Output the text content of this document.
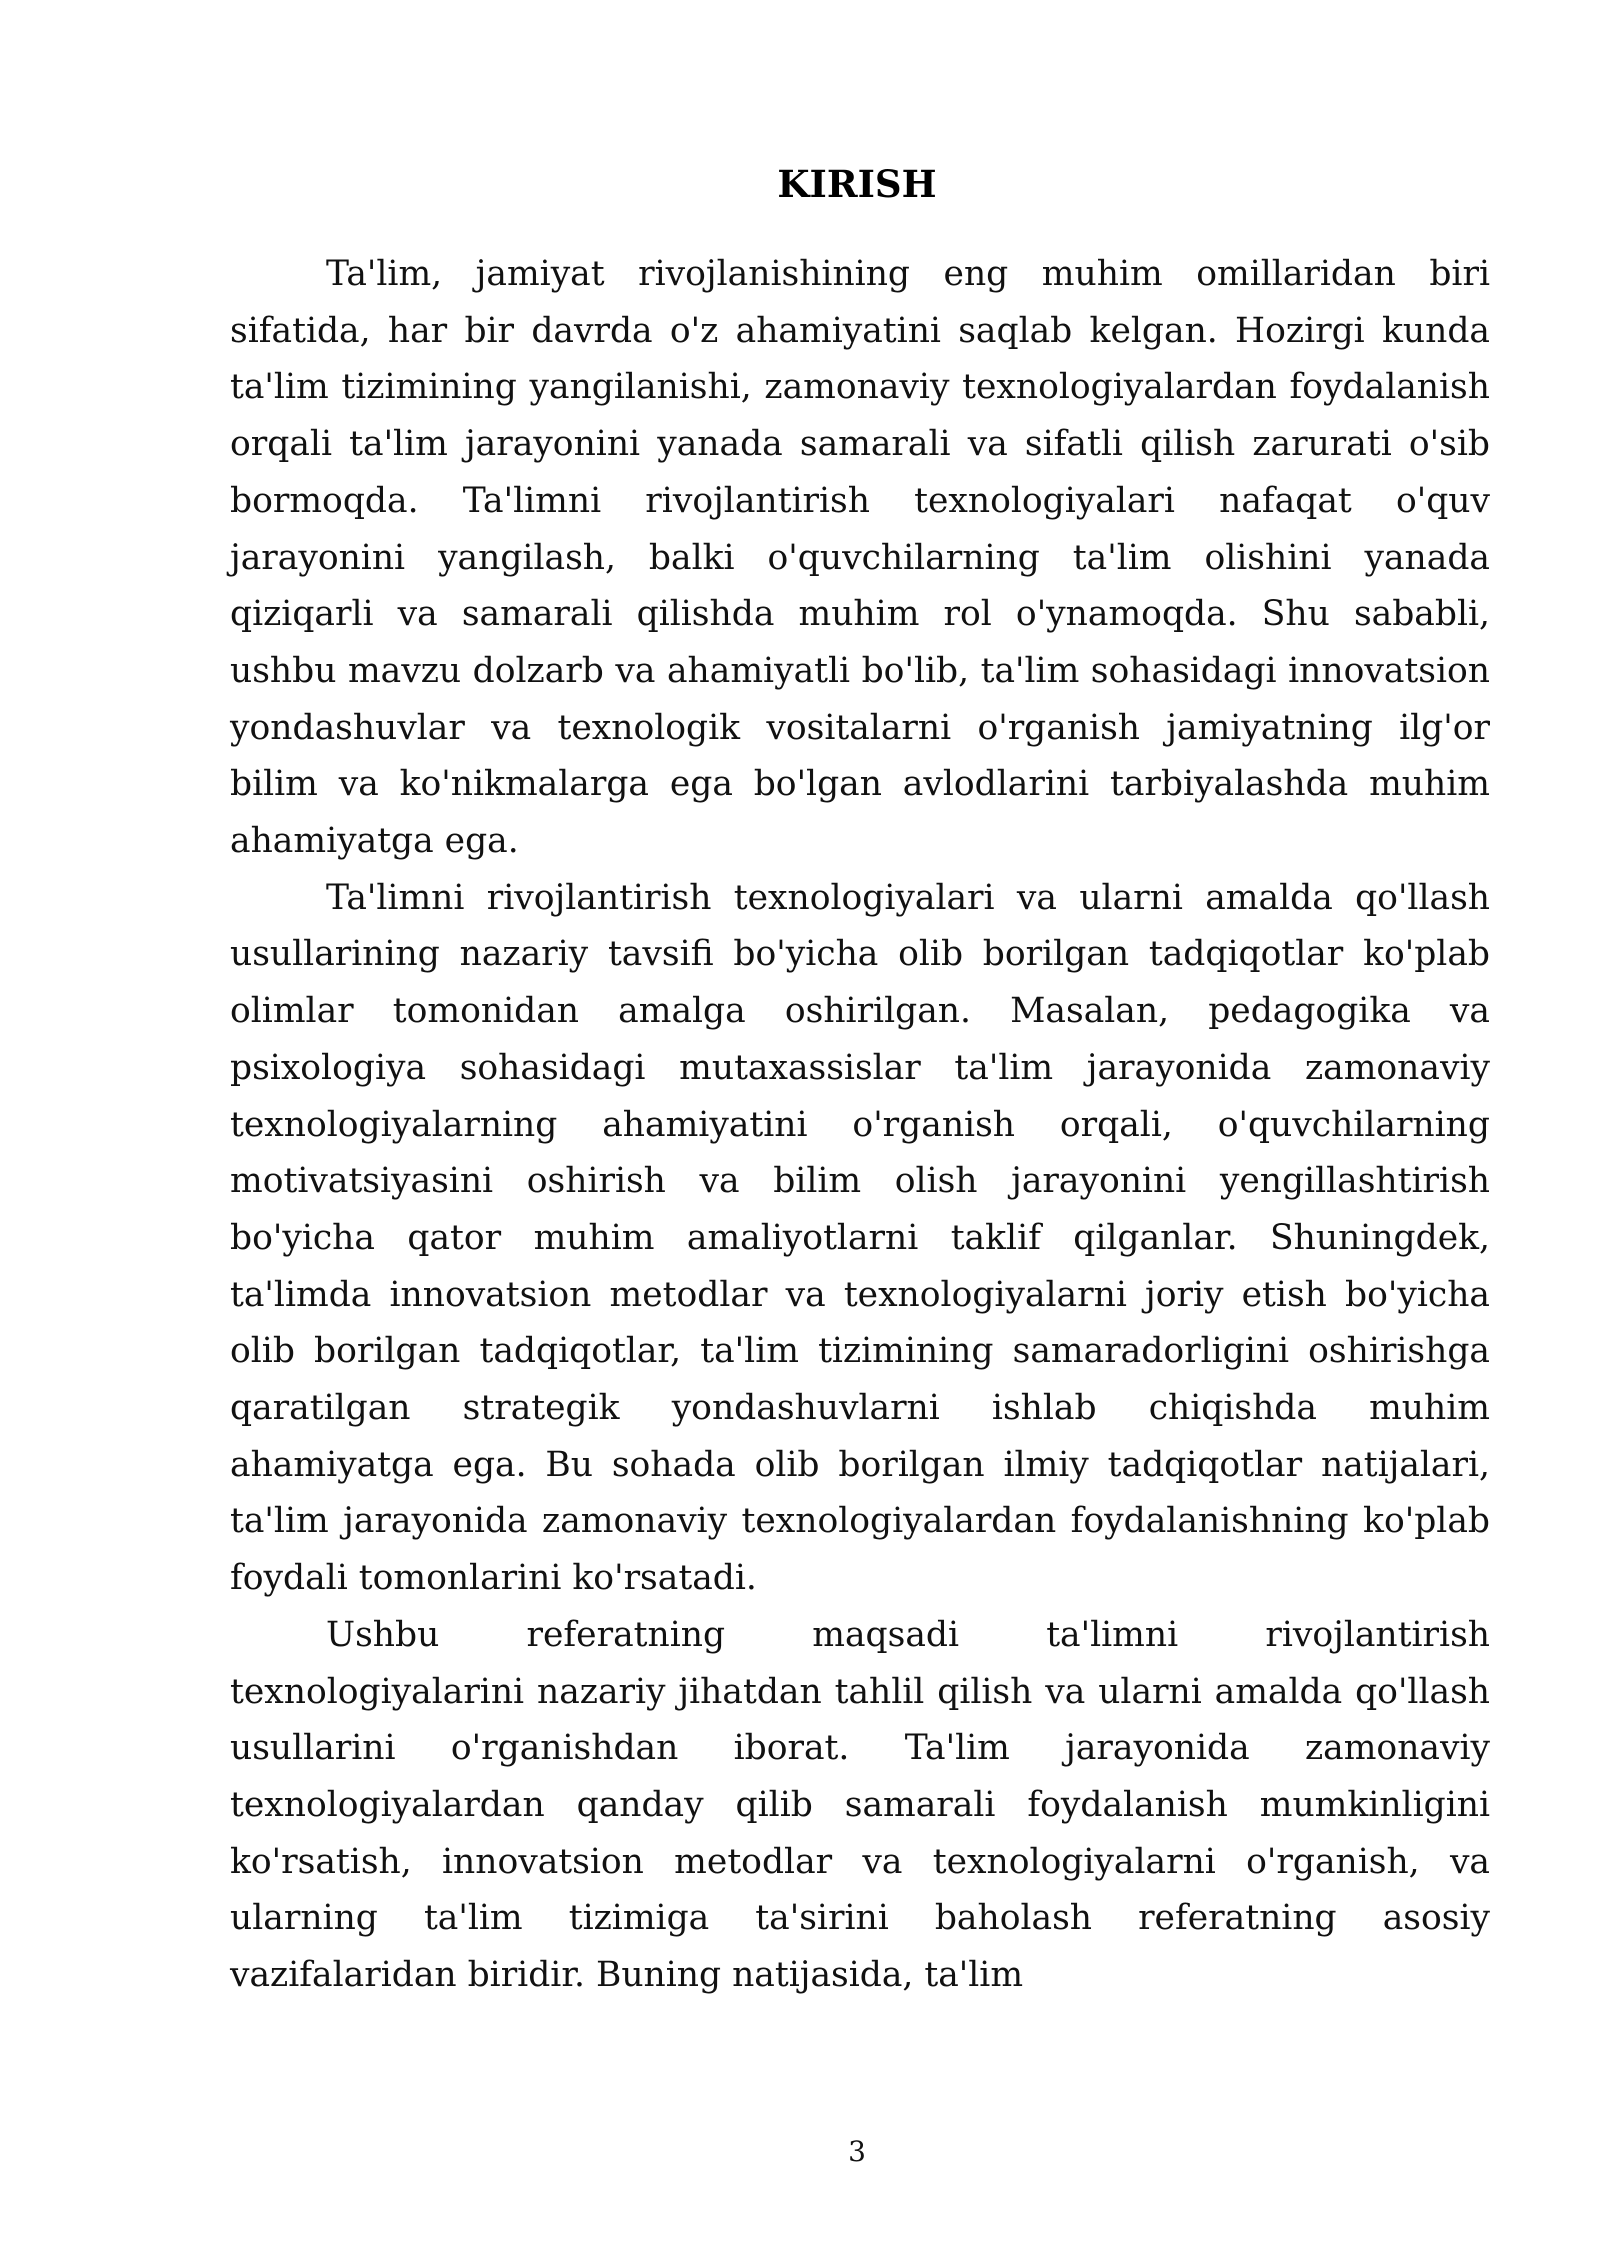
KIRISH

Ta'lim, jamiyat rivojlanishining eng muhim omillaridan biri sifatida, har bir davrda o'z ahamiyatini saqlab kelgan. Hozirgi kunda ta'lim tizimining yangilanishi, zamonaviy texnologiyalardan foydalanish orqali ta'lim jarayonini yanada samarali va sifatli qilish zarurati o'sib bormoqda. Ta'limni rivojlantirish texnologiyalari nafaqat o'quv jarayonini yangilash, balki o'quvchilarning ta'lim olishini yanada qiziqarli va samarali qilishda muhim rol o'ynamoqda. Shu sababli, ushbu mavzu dolzarb va ahamiyatli bo'lib, ta'lim sohasidagi innovatsion yondashuvlar va texnologik vositalarni o'rganish jamiyatning ilg'or bilim va ko'nikmalarga ega bo'lgan avlodlarini tarbiyalashda muhim ahamiyatga ega.

Ta'limni rivojlantirish texnologiyalari va ularni amalda qo'llash usullarining nazariy tavsifi bo'yicha olib borilgan tadqiqotlar ko'plab olimlar tomonidan amalga oshirilgan. Masalan, pedagogika va psixologiya sohasidagi mutaxassislar ta'lim jarayonida zamonaviy texnologiyalarning ahamiyatini o'rganish orqali, o'quvchilarning motivatsiyasini oshirish va bilim olish jarayonini yengillashtirish bo'yicha qator muhim amaliyotlarni taklif qilganlar. Shuningdek, ta'limda innovatsion metodlar va texnologiyalarni joriy etish bo'yicha olib borilgan tadqiqotlar, ta'lim tizimining samaradorligini oshirishga qaratilgan strategik yondashuvlarni ishlab chiqishda muhim ahamiyatga ega. Bu sohada olib borilgan ilmiy tadqiqotlar natijalari, ta'lim jarayonida zamonaviy texnologiyalardan foydalanishning ko'plab foydali tomonlarini ko'rsatadi.

Ushbu referatning maqsadi ta'limni rivojlantirish texnologiyalarini nazariy jihatdan tahlil qilish va ularni amalda qo'llash usullarini o'rganishdan iborat. Ta'lim jarayonida zamonaviy texnologiyalardan qanday qilib samarali foydalanish mumkinligini ko'rsatish, innovatsion metodlar va texnologiyalarni o'rganish, va ularning ta'lim tizimiga ta'sirini baholash referatning asosiy vazifalaridan biridir. Buning natijasida, ta'lim

3
